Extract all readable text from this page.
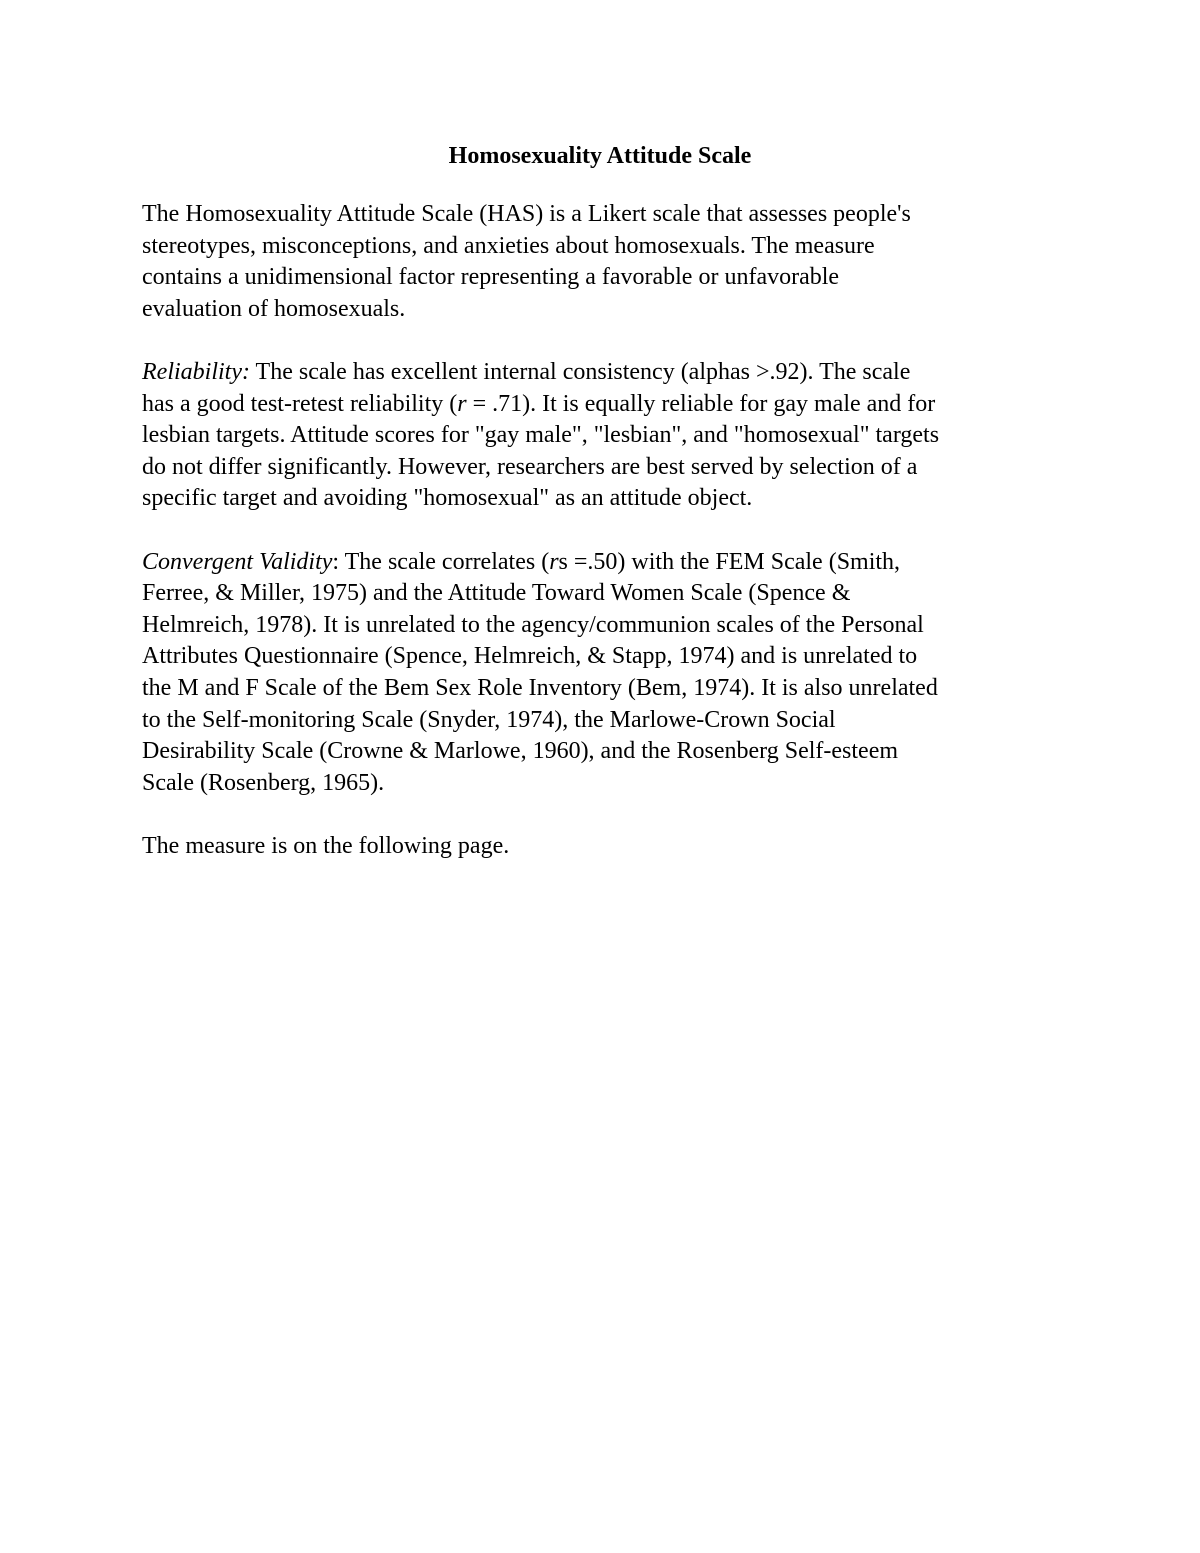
Homosexuality Attitude Scale
The Homosexuality Attitude Scale (HAS) is a Likert scale that assesses people's
stereotypes, misconceptions, and anxieties about homosexuals. The measure
contains a unidimensional factor representing a favorable or unfavorable
evaluation of homosexuals.
Reliability: The scale has excellent internal consistency (alphas >.92). The scale
has a good test-retest reliability (r = .71). It is equally reliable for gay male and for
lesbian targets. Attitude scores for "gay male", "lesbian", and "homosexual" targets
do not differ significantly. However, researchers are best served by selection of a
specific target and avoiding "homosexual" as an attitude object.
Convergent Validity: The scale correlates (rs =.50) with the FEM Scale (Smith,
Ferree, & Miller, 1975) and the Attitude Toward Women Scale (Spence &
Helmreich, 1978). It is unrelated to the agency/communion scales of the Personal
Attributes Questionnaire (Spence, Helmreich, & Stapp, 1974) and is unrelated to
the M and F Scale of the Bem Sex Role Inventory (Bem, 1974). It is also unrelated
to the Self-monitoring Scale (Snyder, 1974), the Marlowe-Crown Social
Desirability Scale (Crowne & Marlowe, 1960), and the Rosenberg Self-esteem
Scale (Rosenberg, 1965).
The measure is on the following page.
